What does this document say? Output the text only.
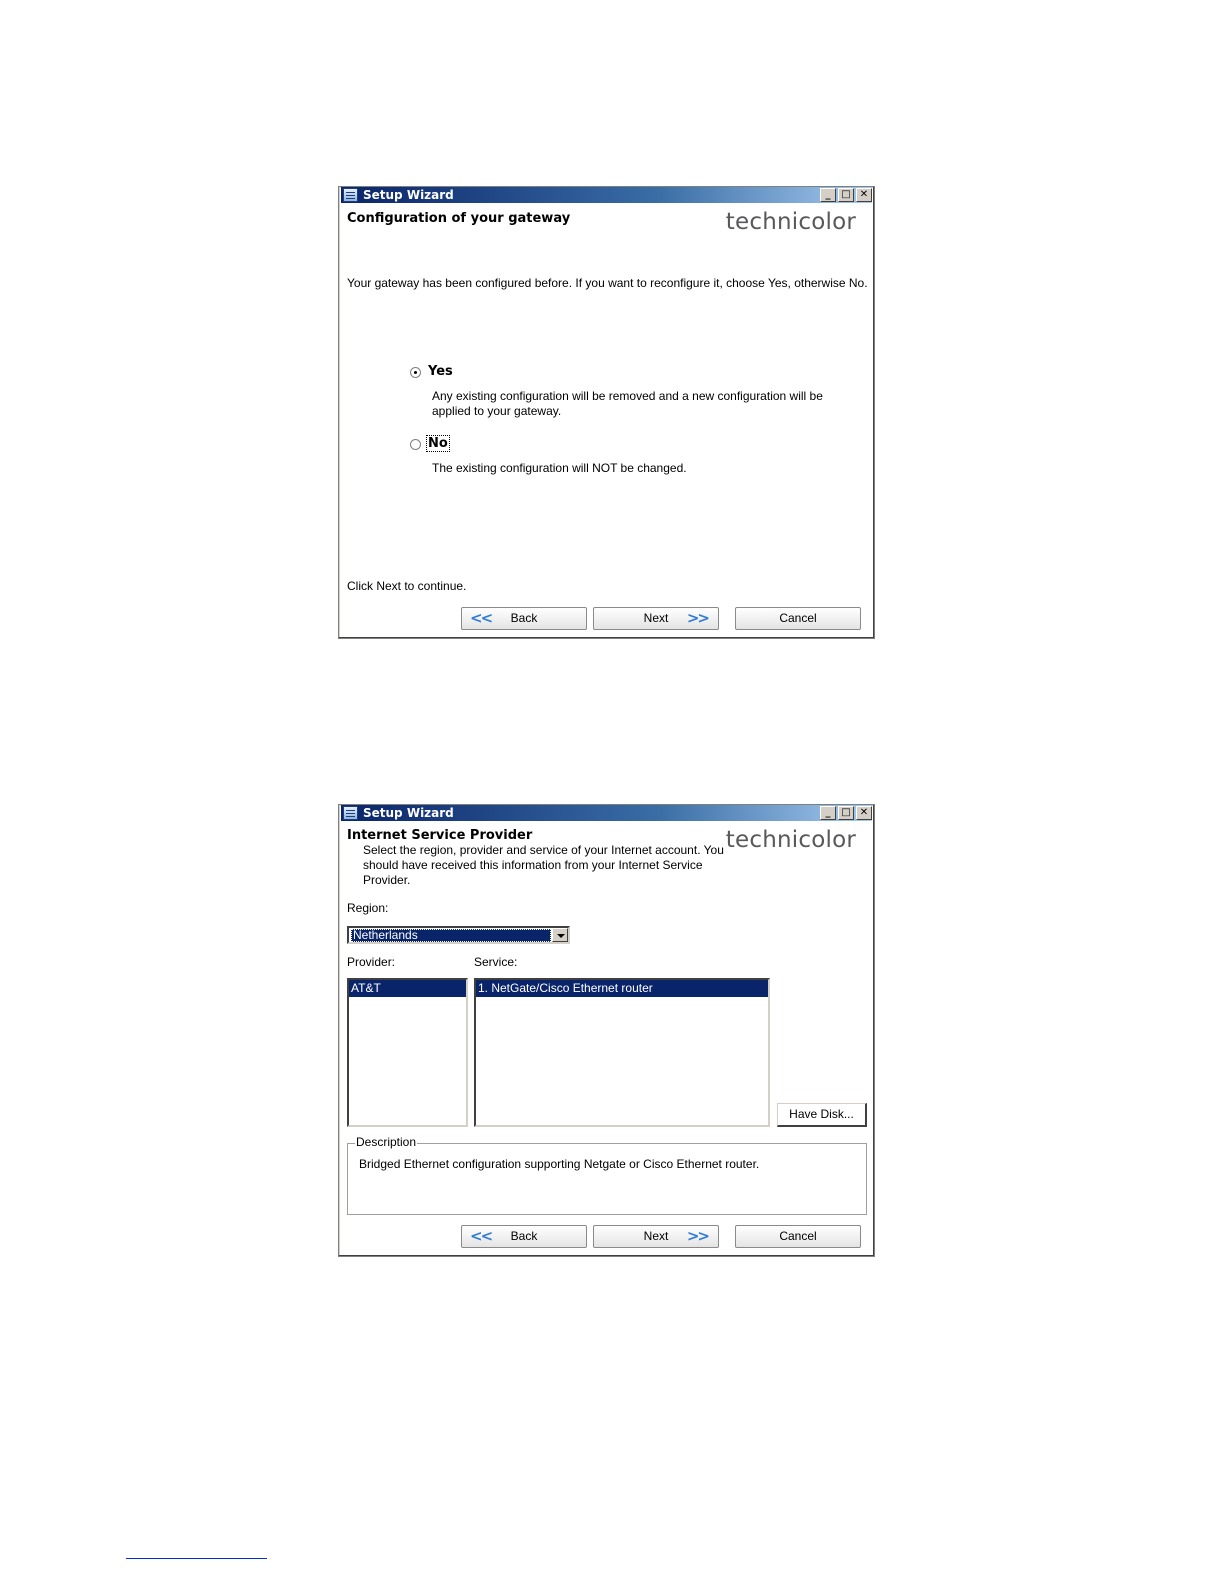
Setup Wizard	_	□ ✕
Configuration of your gateway	technicolor
Your gateway has been configured before. If you want to reconfigure it, choose Yes, otherwise No.
Yes
Any existing configuration will be removed and a new configuration will be
applied to your gateway.
No
The existing configuration will NOT be changed.
Click Next to continue.
<< Back	Next >>	Cancel
Setup Wizard	_	□ ✕
Internet Service Provider	technicolor
Select the region, provider and service of your Internet account. You
should have received this information from your Internet Service
Provider.
Region:
Netherlands
Provider:	Service:
AT&T	1. NetGate/Cisco Ethernet router
Have Disk...
Description
Bridged Ethernet configuration supporting Netgate or Cisco Ethernet router.
<< Back	Next >>	Cancel
